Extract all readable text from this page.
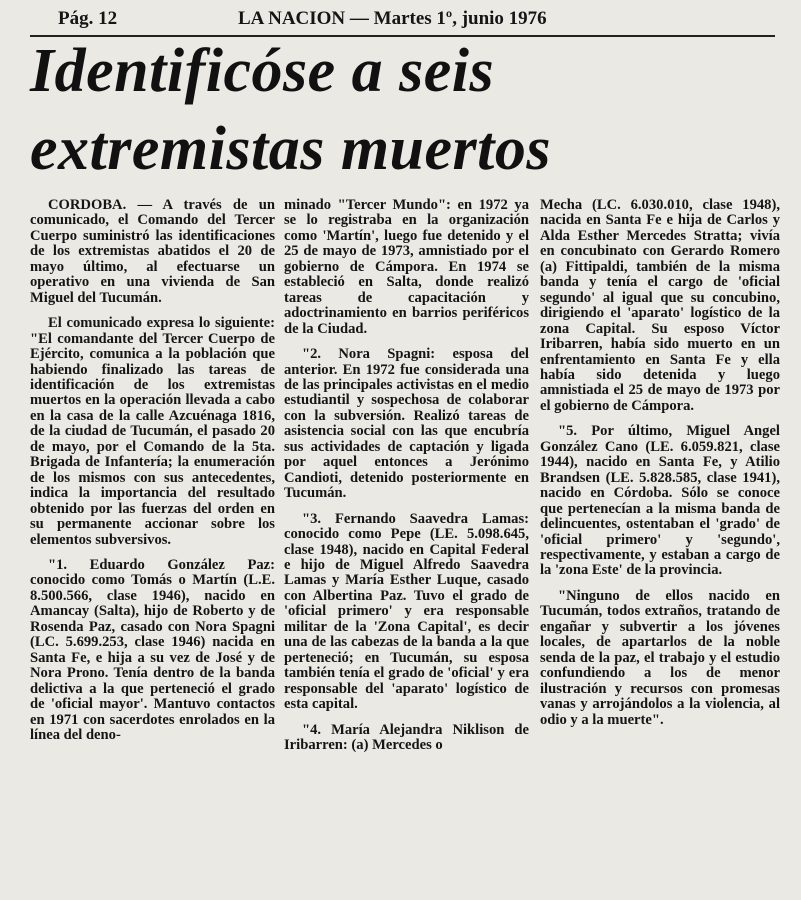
Pág. 12	LA NACION — Martes 1º, junio 1976
Identificóse a seis
extremistas muertos

CORDOBA. — A través de un comunicado, el Comando del Tercer Cuerpo suministró las identificaciones de los extremistas abatidos el 20 de mayo último, al efectuarse un operativo en una vivienda de San Miguel del Tucumán.

El comunicado expresa lo siguiente: "El comandante del Tercer Cuerpo de Ejército, comunica a la población que habiendo finalizado las tareas de identificación de los extremistas muertos en la operación llevada a cabo en la casa de la calle Azcuénaga 1816, de la ciudad de Tucumán, el pasado 20 de mayo, por el Comando de la 5ta. Brigada de Infantería; la enumeración de los mismos con sus antecedentes, indica la importancia del resultado obtenido por las fuerzas del orden en su permanente accionar sobre los elementos subversivos.

"1. Eduardo González Paz: conocido como Tomás o Martín (L.E. 8.500.566, clase 1946), nacido en Amancay (Salta), hijo de Roberto y de Rosenda Paz, casado con Nora Spagni (LC. 5.699.253, clase 1946) nacida en Santa Fe, e hija a su vez de José y de Nora Prono. Tenía dentro de la banda delictiva a la que perteneció el grado de 'oficial mayor'. Mantuvo contactos en 1971 con sacerdotes enrolados en la línea del deno-

minado "Tercer Mundo": en 1972 ya se lo registraba en la organización como 'Martín', luego fue detenido y el 25 de mayo de 1973, amnistiado por el gobierno de Cámpora. En 1974 se estableció en Salta, donde realizó tareas de capacitación y adoctrinamiento en barrios periféricos de la Ciudad.

"2. Nora Spagni: esposa del anterior. En 1972 fue considerada una de las principales activistas en el medio estudiantil y sospechosa de colaborar con la subversión. Realizó tareas de asistencia social con las que encubría sus actividades de captación y ligada por aquel entonces a Jerónimo Candioti, detenido posteriormente en Tucumán.

"3. Fernando Saavedra Lamas: conocido como Pepe (LE. 5.098.645, clase 1948), nacido en Capital Federal e hijo de Miguel Alfredo Saavedra Lamas y María Esther Luque, casado con Albertina Paz. Tuvo el grado de 'oficial primero' y era responsable militar de la 'Zona Capital', es decir una de las cabezas de la banda a la que perteneció; en Tucumán, su esposa también tenía el grado de 'oficial' y era responsable del 'aparato' logístico de esta capital.

"4. María Alejandra Niklison de Iribarren: (a) Mercedes o

Mecha (LC. 6.030.010, clase 1948), nacida en Santa Fe e hija de Carlos y Alda Esther Mercedes Stratta; vivía en concubinato con Gerardo Romero (a) Fittipaldi, también de la misma banda y tenía el cargo de 'oficial segundo' al igual que su concubino, dirigiendo el 'aparato' logístico de la zona Capital. Su esposo Víctor Iribarren, había sido muerto en un enfrentamiento en Santa Fe y ella había sido detenida y luego amnistiada el 25 de mayo de 1973 por el gobierno de Cámpora.

"5. Por último, Miguel Angel González Cano (LE. 6.059.821, clase 1944), nacido en Santa Fe, y Atilio Brandsen (LE. 5.828.585, clase 1941), nacido en Córdoba. Sólo se conoce que pertenecían a la misma banda de delincuentes, ostentaban el 'grado' de 'oficial primero' y 'segundo', respectivamente, y estaban a cargo de la 'zona Este' de la provincia.

"Ninguno de ellos nacido en Tucumán, todos extraños, tratando de engañar y subvertir a los jóvenes locales, de apartarlos de la noble senda de la paz, el trabajo y el estudio confundiendo a los de menor ilustración y recursos con promesas vanas y arrojándolos a la violencia, al odio y a la muerte".
